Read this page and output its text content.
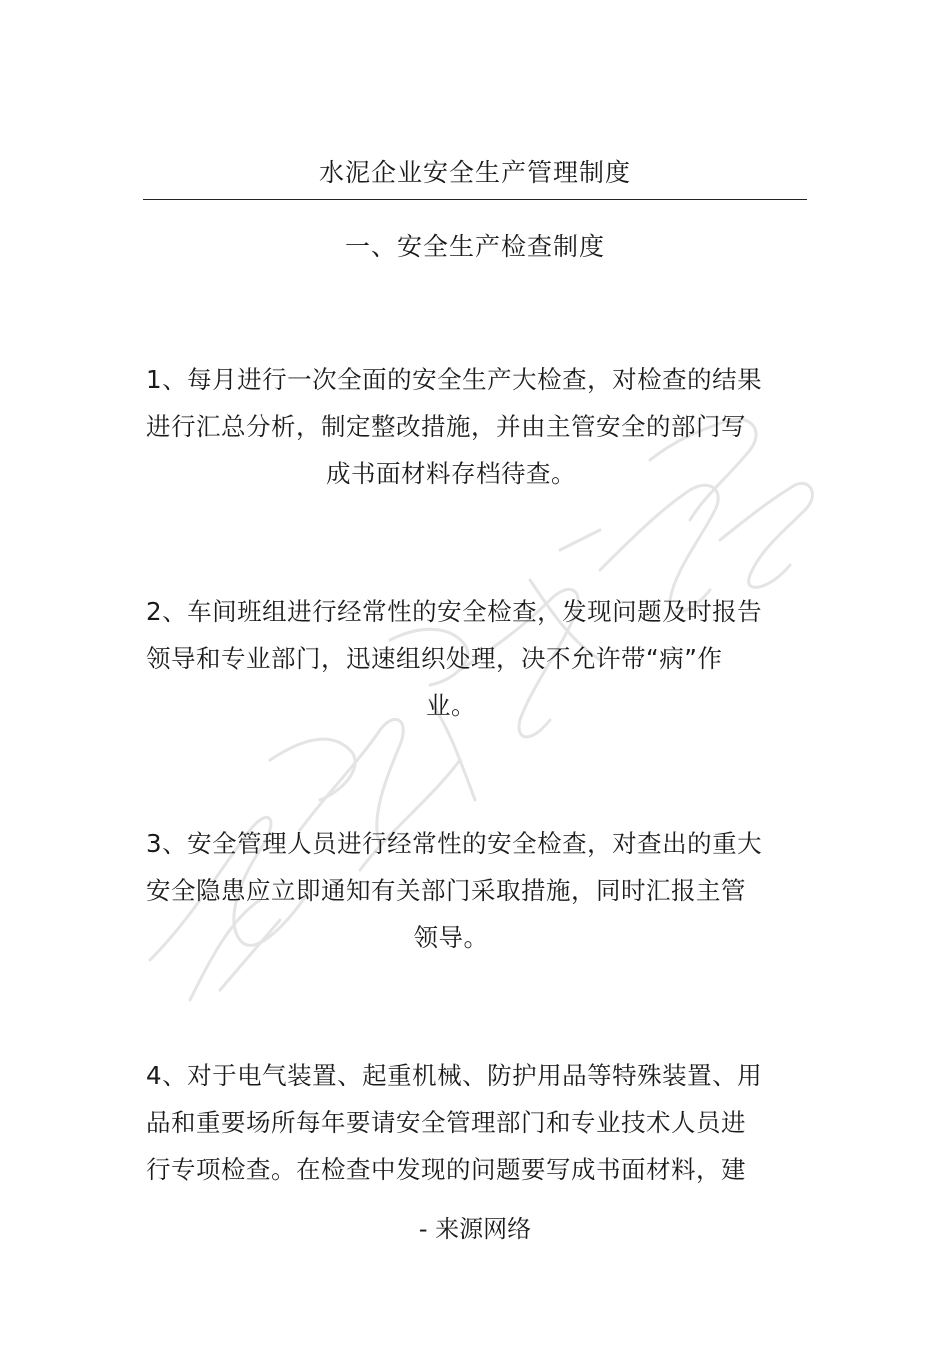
水泥企业安全生产管理制度
一、安全生产检查制度

1、每月进行一次全面的安全生产大检查，对检查的结果
进行汇总分析，制定整改措施，并由主管安全的部门写
成书面材料存档待查。

2、车间班组进行经常性的安全检查，发现问题及时报告
领导和专业部门，迅速组织处理，决不允许带“病”作
业。

3、安全管理人员进行经常性的安全检查，对查出的重大
安全隐患应立即通知有关部门采取措施，同时汇报主管
领导。

4、对于电气装置、起重机械、防护用品等特殊装置、用
品和重要场所每年要请安全管理部门和专业技术人员进
行专项检查。在检查中发现的问题要写成书面材料，建

- 来源网络
